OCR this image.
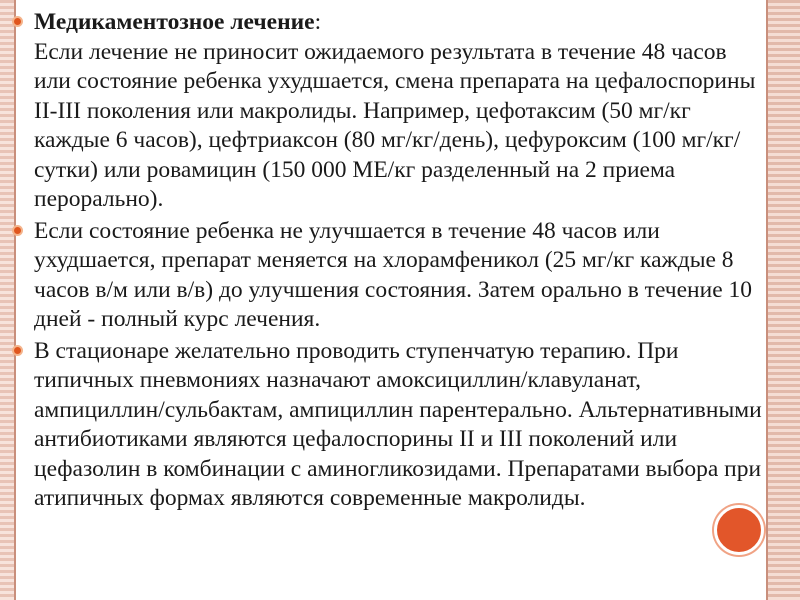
Медикаментозное лечение:
Если лечение не приносит ожидаемого результата в течение 48 часов или состояние ребенка ухудшается, смена препарата на цефалоспорины II-III поколения или макролиды. Например, цефотаксим (50 мг/кг каждые 6 часов), цефтриаксон (80 мг/кг/день), цефуроксим (100 мг/кг/сутки) или ровамицин (150 000 МЕ/кг разделенный на 2 приема перорально).

Если состояние ребенка не улучшается в течение 48 часов или ухудшается, препарат меняется на хлорамфеникол (25 мг/кг каждые 8 часов в/м или в/в) до улучшения состояния. Затем орально в течение 10 дней - полный курс лечения.

В стационаре желательно проводить ступенчатую терапию. При типичных пневмониях назначают амоксициллин/клавуланат, ампициллин/сульбактам, ампициллин парентерально. Альтернативными антибиотиками являются цефалоспорины II и III поколений или цефазолин в комбинации с аминогликозидами. Препаратами выбора при атипичных формах являются современные макролиды.
